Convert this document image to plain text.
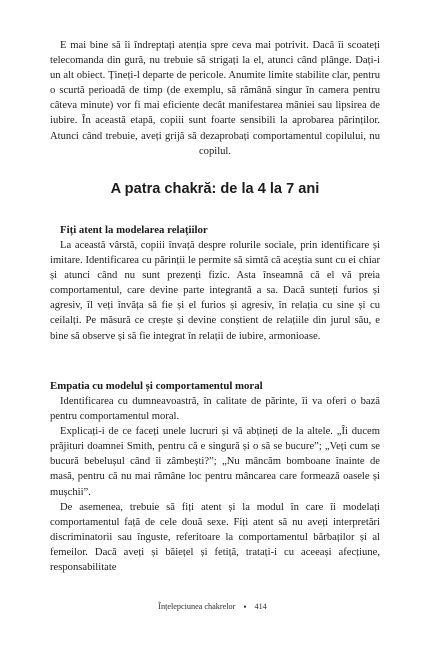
E mai bine să îi îndreptați atenția spre ceva mai potrivit. Dacă îi scoateți telecomanda din gură, nu trebuie să strigați la el, atunci când plânge. Dați-i un alt obiect. Țineți-l departe de pericole. Anumite limite stabilite clar, pentru o scurtă perioadă de timp (de exemplu, să rămână singur în camera pentru câteva minute) vor fi mai eficiente decât manifestarea mâniei sau lipsirea de iubire. În această etapă, copiii sunt foarte sensibili la aprobarea părinților. Atunci când trebuie, aveți grijă să dezaprobați comportamentul copilului, nu copilul.

A patra chakră: de la 4 la 7 ani
Fiți atent la modelarea relațiilor

La această vârstă, copiii învață despre rolurile sociale, prin identificare și imitare. Identificarea cu părinții le permite să simtă că aceștia sunt cu ei chiar și atunci când nu sunt prezenți fizic. Asta înseamnă că el vă preia comportamentul, care devine parte integrantă a sa. Dacă sunteți furios și agresiv, îl veți învăța să fie și el furios și agresiv, în relația cu sine și cu ceilalți. Pe măsură ce crește și devine conștient de relațiile din jurul său, e bine să observe și să fie integrat în relații de iubire, armonioase.

Empatia cu modelul și comportamentul moral

Identificarea cu dumneavoastră, în calitate de părinte, îi va oferi o bază pentru comportamentul moral.

Explicați-i de ce faceți unele lucruri și vă abțineți de la altele. „Îi ducem prăjituri doamnei Smith, pentru că e singură și o să se bucure”; „Veți cum se bucură bebelușul când îi zâmbești?”; „Nu mâncăm bomboane înainte de masă, pentru că nu mai rămâne loc pentru mâncarea care formează oasele și mușchii”.

De asemenea, trebuie să fiți atent și la modul în care îi modelați comportamentul față de cele două sexe. Fiți atent să nu aveți interpretări discriminatorii sau înguste, referitoare la comportamentul bărbaților și al femeilor. Dacă aveți și băiețel și fetiță, tratați-i cu aceeași afecțiune, responsabilitate

Înțelepciunea chakrelor • 414
